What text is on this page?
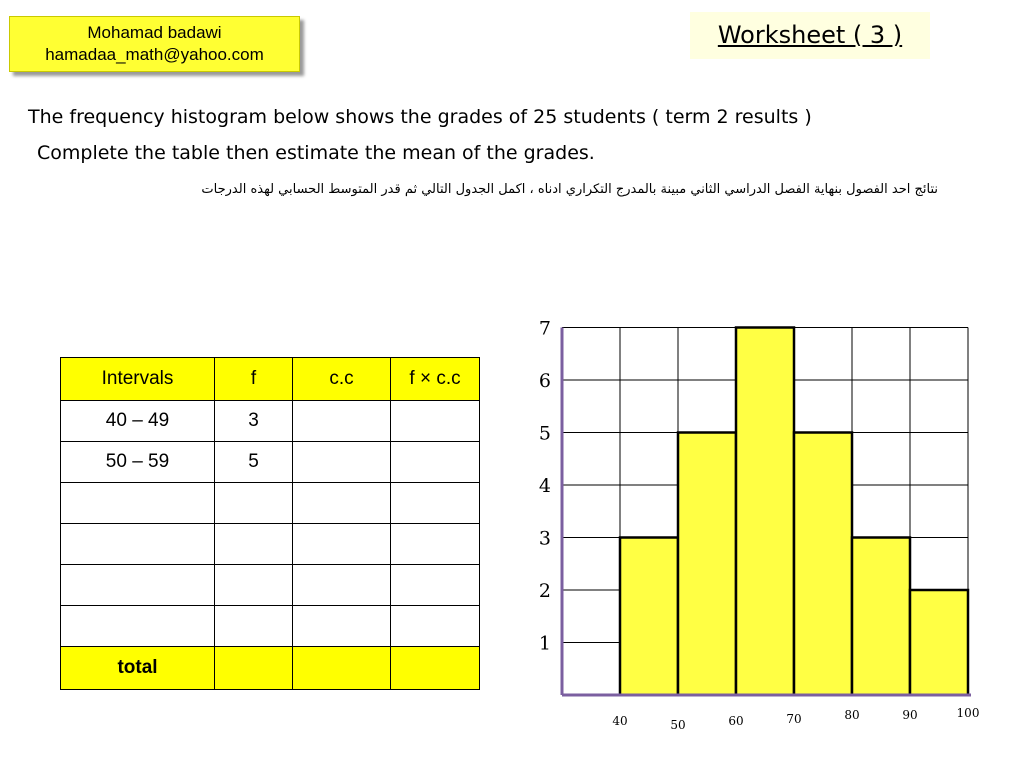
Mohamad badawi
hamadaa_math@yahoo.com
Worksheet ( 3 )
The frequency histogram below shows the grades of 25 students ( term 2 results )
Complete the table then estimate the mean of the grades.
نتائج احد الفصول بنهاية الفصل الدراسي الثاني مبينة بالمدرج التكراري ادناه ، اكمل الجدول التالي ثم قدر المتوسط الحسابي لهذه الدرجات
Intervals	f	c.c	f × c.c
40 – 49	3		
50 – 59	5		

total			
1
2
3
4
5
6
7
40	50	60	70	80	90	100
